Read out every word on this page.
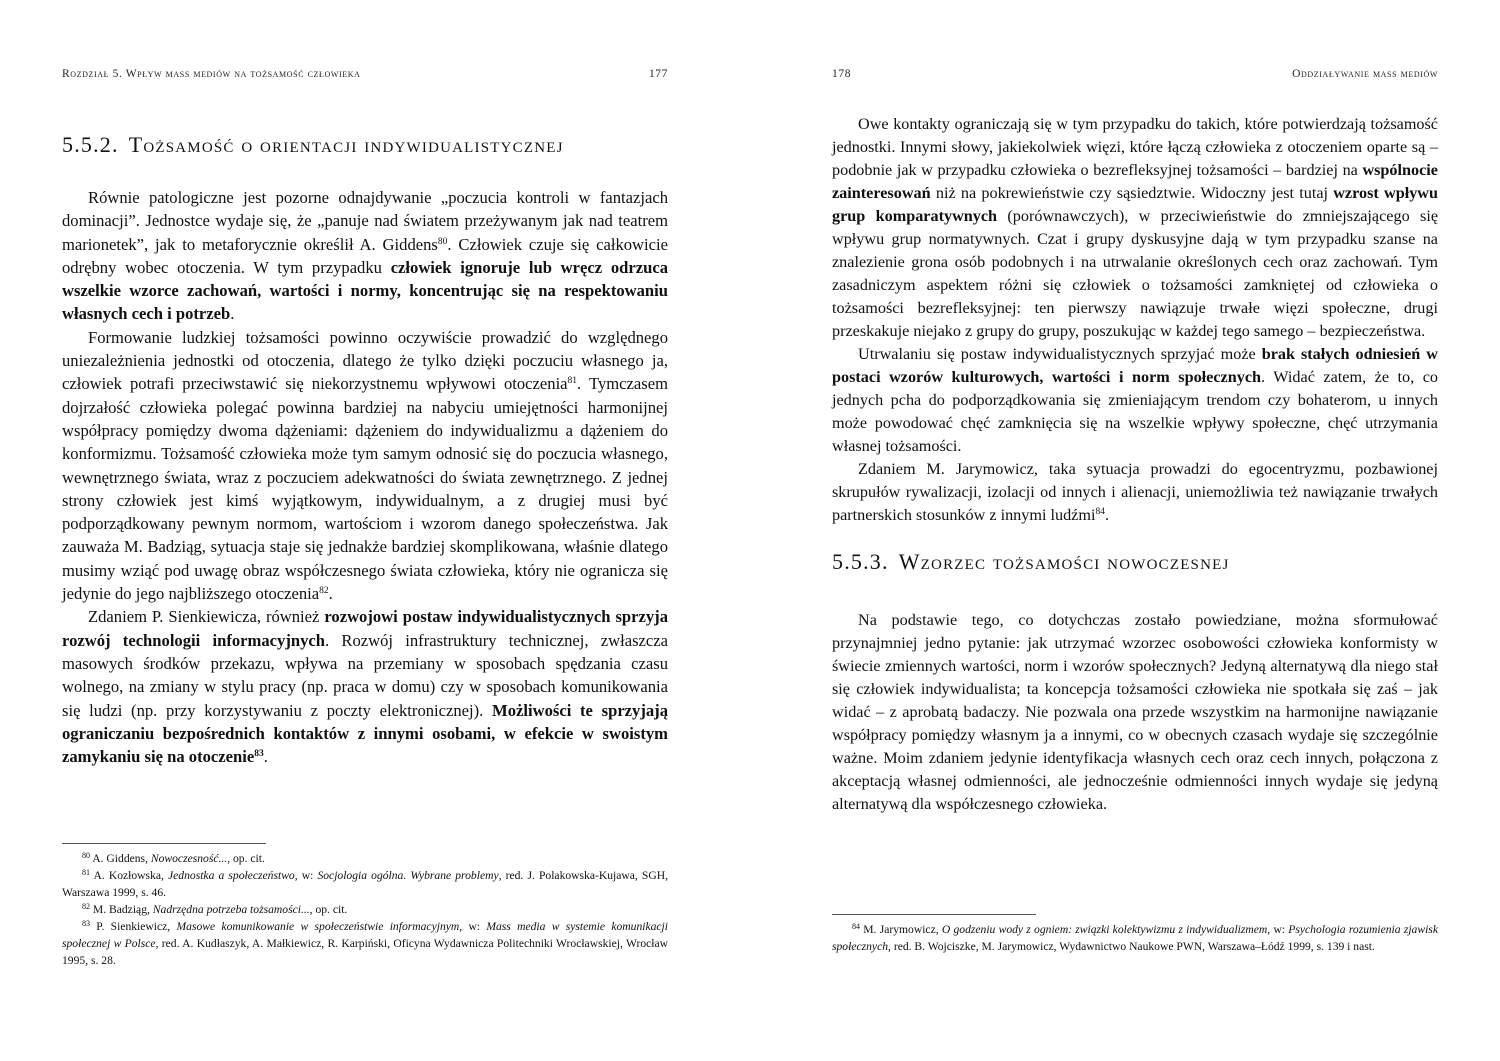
Rozdział 5. Wpływ mass mediów na tożsamość człowieka	177
5.5.2. Tożsamość o orientacji indywidualistycznej

Równie patologiczne jest pozorne odnajdywanie „poczucia kontroli w fantazjach dominacji”. Jednostce wydaje się, że „panuje nad światem przeżywanym jak nad teatrem marionetek”, jak to metaforycznie określił A. Giddens$^{80}$. Człowiek czuje się całkowicie odrębny wobec otoczenia. W tym przypadku człowiek ignoruje lub wręcz odrzuca wszelkie wzorce zachowań, wartości i normy, koncentrując się na respektowaniu własnych cech i potrzeb.

Formowanie ludzkiej tożsamości powinno oczywiście prowadzić do względnego uniezależnienia jednostki od otoczenia, dlatego że tylko dzięki poczuciu własnego ja, człowiek potrafi przeciwstawić się niekorzystnemu wpływowi otoczenia$^{81}$. Tymczasem dojrzałość człowieka polegać powinna bardziej na nabyciu umiejętności harmonijnej współpracy pomiędzy dwoma dążeniami: dążeniem do indywidualizmu a dążeniem do konformizmu. Tożsamość człowieka może tym samym odnosić się do poczucia własnego, wewnętrznego świata, wraz z poczuciem adekwatności do świata zewnętrznego. Z jednej strony człowiek jest kimś wyjątkowym, indywidualnym, a z drugiej musi być podporządkowany pewnym normom, wartościom i wzorom danego społeczeństwa. Jak zauważa M. Badziąg, sytuacja staje się jednakże bardziej skomplikowana, właśnie dlatego musimy wziąć pod uwagę obraz współczesnego świata człowieka, który nie ogranicza się jedynie do jego najbliższego otoczenia$^{82}$.

Zdaniem P. Sienkiewicza, również rozwojowi postaw indywidualistycznych sprzyja rozwój technologii informacyjnych. Rozwój infrastruktury technicznej, zwłaszcza masowych środków przekazu, wpływa na przemiany w sposobach spędzania czasu wolnego, na zmiany w stylu pracy (np. praca w domu) czy w sposobach komunikowania się ludzi (np. przy korzystywaniu z poczty elektronicznej). Możliwości te sprzyjają ograniczaniu bezpośrednich kontaktów z innymi osobami, w efekcie w swoistym zamykaniu się na otoczenie$^{83}$.

$^{80}$ A. Giddens, Nowoczesność..., op. cit.

$^{81}$ A. Kozłowska, Jednostka a społeczeństwo, w: Socjologia ogólna. Wybrane problemy, red. J. Polakowska-Kujawa, SGH, Warszawa 1999, s. 46.

$^{82}$ M. Badziąg, Nadrzędna potrzeba tożsamości..., op. cit.

$^{83}$ P. Sienkiewicz, Masowe komunikowanie w społeczeństwie informacyjnym, w: Mass media w systemie komunikacji społecznej w Polsce, red. A. Kudłaszyk, A. Małkiewicz, R. Karpiński, Oficyna Wydawnicza Politechniki Wrocławskiej, Wrocław 1995, s. 28.

178	Oddziaływanie mass mediów

Owe kontakty ograniczają się w tym przypadku do takich, które potwierdzają tożsamość jednostki. Innymi słowy, jakiekolwiek więzi, które łączą człowieka z otoczeniem oparte są – podobnie jak w przypadku człowieka o bezrefleksyjnej tożsamości – bardziej na wspólnocie zainteresowań niż na pokrewieństwie czy sąsiedztwie. Widoczny jest tutaj wzrost wpływu grup komparatywnych (porównawczych), w przeciwieństwie do zmniejszającego się wpływu grup normatywnych. Czat i grupy dyskusyjne dają w tym przypadku szanse na znalezienie grona osób podobnych i na utrwalanie określonych cech oraz zachowań. Tym zasadniczym aspektem różni się człowiek o tożsamości zamkniętej od człowieka o tożsamości bezrefleksyjnej: ten pierwszy nawiązuje trwałe więzi społeczne, drugi przeskakuje niejako z grupy do grupy, poszukując w każdej tego samego – bezpieczeństwa.

Utrwalaniu się postaw indywidualistycznych sprzyjać może brak stałych odniesień w postaci wzorów kulturowych, wartości i norm społecznych. Widać zatem, że to, co jednych pcha do podporządkowania się zmieniającym trendom czy bohaterom, u innych może powodować chęć zamknięcia się na wszelkie wpływy społeczne, chęć utrzymania własnej tożsamości.

Zdaniem M. Jarymowicz, taka sytuacja prowadzi do egocentryzmu, pozbawionej skrupułów rywalizacji, izolacji od innych i alienacji, uniemożliwia też nawiązanie trwałych partnerskich stosunków z innymi ludźmi$^{84}$.

5.5.3. Wzorzec tożsamości nowoczesnej

Na podstawie tego, co dotychczas zostało powiedziane, można sformułować przynajmniej jedno pytanie: jak utrzymać wzorzec osobowości człowieka konformisty w świecie zmiennych wartości, norm i wzorów społecznych? Jedyną alternatywą dla niego stał się człowiek indywidualista; ta koncepcja tożsamości człowieka nie spotkała się zaś – jak widać – z aprobatą badaczy. Nie pozwala ona przede wszystkim na harmonijne nawiązanie współpracy pomiędzy własnym ja a innymi, co w obecnych czasach wydaje się szczególnie ważne. Moim zdaniem jedynie identyfikacja własnych cech oraz cech innych, połączona z akceptacją własnej odmienności, ale jednocześnie odmienności innych wydaje się jedyną alternatywą dla współczesnego człowieka.

$^{84}$ M. Jarymowicz, O godzeniu wody z ogniem: związki kolektywizmu z indywidualizmem, w: Psychologia rozumienia zjawisk społecznych, red. B. Wojciszke, M. Jarymowicz, Wydawnictwo Naukowe PWN, Warszawa–Łódź 1999, s. 139 i nast.
